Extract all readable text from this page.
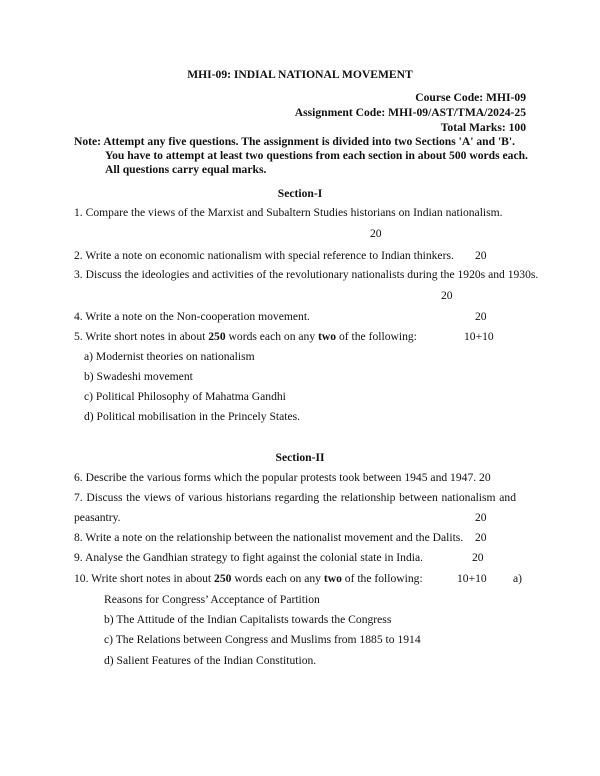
MHI-09: INDIAL NATIONAL MOVEMENT
Course Code: MHI-09
Assignment Code: MHI-09/AST/TMA/2024-25
Total Marks: 100
Note: Attempt any five questions. The assignment is divided into two Sections 'A' and 'B'.
You have to attempt at least two questions from each section in about 500 words each.
All questions carry equal marks.
Section-I
1. Compare the views of the Marxist and Subaltern Studies historians on Indian nationalism.
20
2. Write a note on economic nationalism with special reference to Indian thinkers. 20
3. Discuss the ideologies and activities of the revolutionary nationalists during the 1920s and 1930s.
20
4. Write a note on the Non-cooperation movement.	20
5. Write short notes in about 250 words each on any two of the following:	10+10
a) Modernist theories on nationalism
b) Swadeshi movement
c) Political Philosophy of Mahatma Gandhi
d) Political mobilisation in the Princely States.
Section-II
6. Describe the various forms which the popular protests took between 1945 and 1947. 20
7. Discuss the views of various historians regarding the relationship between nationalism and
peasantry.	20
8. Write a note on the relationship between the nationalist movement and the Dalits. 20
9. Analyse the Gandhian strategy to fight against the colonial state in India.	20
10. Write short notes in about 250 words each on any two of the following:	10+10 a)
Reasons for Congress’ Acceptance of Partition
b) The Attitude of the Indian Capitalists towards the Congress
c) The Relations between Congress and Muslims from 1885 to 1914
d) Salient Features of the Indian Constitution.
